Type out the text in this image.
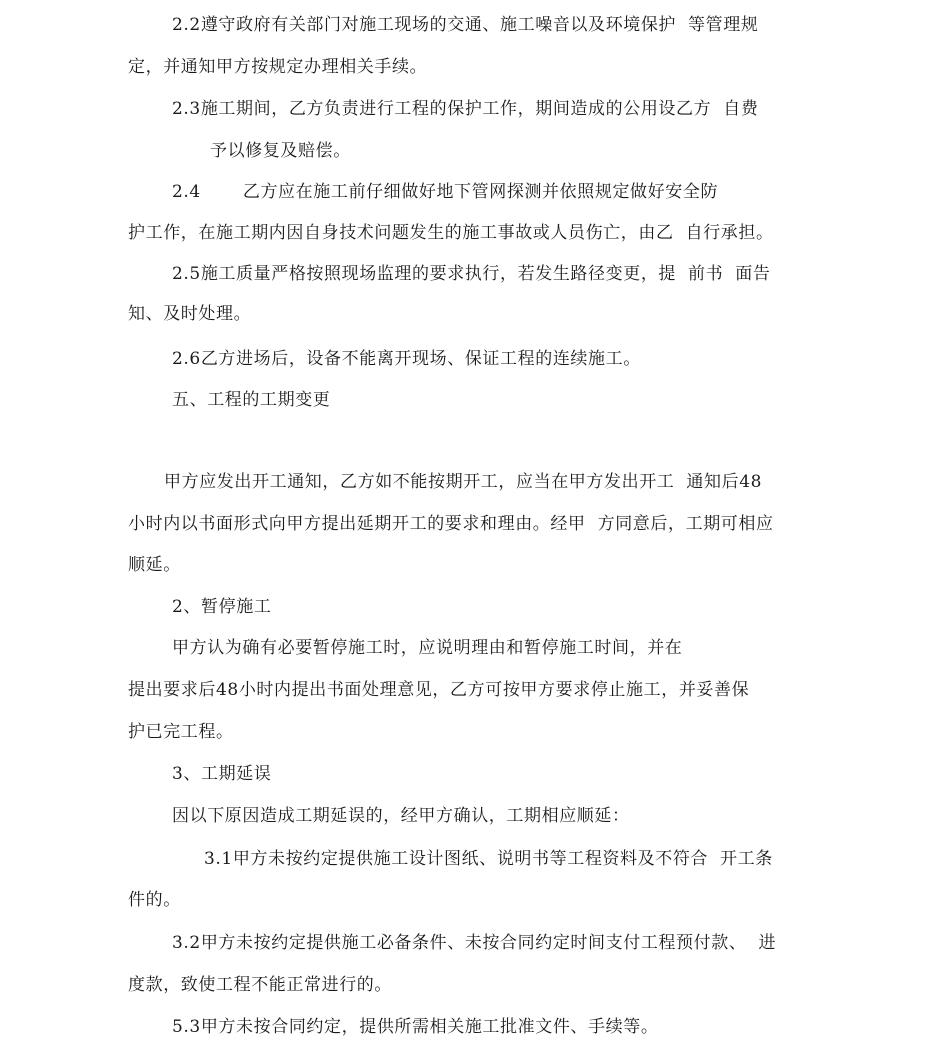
2.2遵守政府有关部门对施工现场的交通、施工噪音以及环境保护  等管理规
定，并通知甲方按规定办理相关手续。
2.3施工期间，乙方负责进行工程的保护工作，期间造成的公用设乙方  自费
予以修复及赔偿。
2.4       乙方应在施工前仔细做好地下管网探测并依照规定做好安全防
护工作，在施工期内因自身技术问题发生的施工事故或人员伤亡，由乙  自行承担。
2.5施工质量严格按照现场监理的要求执行，若发生路径变更，提  前书  面告
知、及时处理。
2.6乙方进场后，设备不能离开现场、保证工程的连续施工。
五、工程的工期变更
甲方应发出开工通知，乙方如不能按期开工，应当在甲方发出开工  通知后48
小时内以书面形式向甲方提出延期开工的要求和理由。经甲  方同意后，工期可相应
顺延。
2、暂停施工
甲方认为确有必要暂停施工时，应说明理由和暂停施工时间，并在
提出要求后48小时内提出书面处理意见，乙方可按甲方要求停止施工，并妥善保
护已完工程。
3、工期延误
因以下原因造成工期延误的，经甲方确认，工期相应顺延：
3.1甲方未按约定提供施工设计图纸、说明书等工程资料及不符合  开工条
件的。
3.2甲方未按约定提供施工必备条件、未按合同约定时间支付工程预付款、  进
度款，致使工程不能正常进行的。
5.3甲方未按合同约定，提供所需相关施工批准文件、手续等。
